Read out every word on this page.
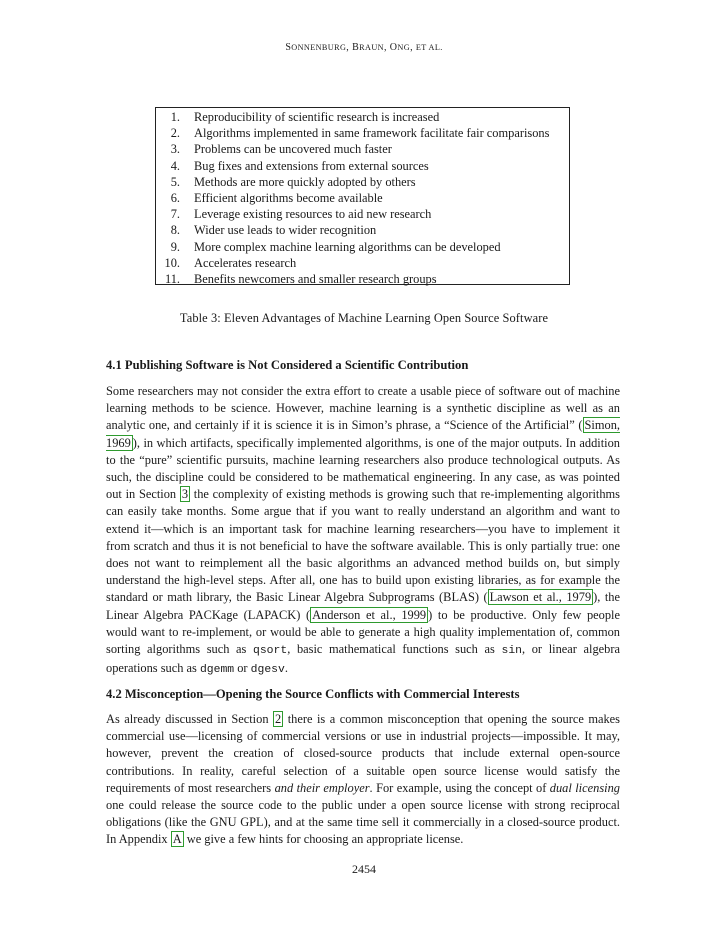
SONNENBURG, BRAUN, ONG, ET AL.
1. Reproducibility of scientific research is increased
2. Algorithms implemented in same framework facilitate fair comparisons
3. Problems can be uncovered much faster
4. Bug fixes and extensions from external sources
5. Methods are more quickly adopted by others
6. Efficient algorithms become available
7. Leverage existing resources to aid new research
8. Wider use leads to wider recognition
9. More complex machine learning algorithms can be developed
10. Accelerates research
11. Benefits newcomers and smaller research groups
Table 3: Eleven Advantages of Machine Learning Open Source Software
4.1 Publishing Software is Not Considered a Scientific Contribution
Some researchers may not consider the extra effort to create a usable piece of software out of machine learning methods to be science. However, machine learning is a synthetic discipline as well as an analytic one, and certainly if it is science it is in Simon’s phrase, a “Science of the Artificial” ( Simon, 1969 ), in which artifacts, specifically implemented algorithms, is one of the major outputs. In addition to the “pure” scientific pursuits, machine learning researchers also produce technological outputs. As such, the discipline could be considered to be mathematical engineering. In any case, as was pointed out in Section 3 the complexity of existing methods is growing such that re-implementing algorithms can easily take months. Some argue that if you want to really understand an algorithm and want to extend it—which is an important task for machine learning researchers—you have to implement it from scratch and thus it is not beneficial to have the software available. This is only partially true: one does not want to reimplement all the basic algorithms an advanced method builds on, but simply understand the high-level steps. After all, one has to build upon existing libraries, as for example the standard or math library, the Basic Linear Algebra Subprograms (BLAS) ( Lawson et al., 1979 ), the Linear Algebra PACKage (LAPACK) ( Anderson et al., 1999 ) to be productive. Only few people would want to re-implement, or would be able to generate a high quality implementation of, common sorting algorithms such as qsort, basic mathematical functions such as sin, or linear algebra operations such as dgemm or dgesv.
4.2 Misconception—Opening the Source Conflicts with Commercial Interests
As already discussed in Section 2 there is a common misconception that opening the source makes commercial use—licensing of commercial versions or use in industrial projects—impossible. It may, however, prevent the creation of closed-source products that include external open-source contributions. In reality, careful selection of a suitable open source license would satisfy the requirements of most researchers and their employer. For example, using the concept of dual licensing one could release the source code to the public under a open source license with strong reciprocal obligations (like the GNU GPL), and at the same time sell it commercially in a closed-source product. In Appendix A we give a few hints for choosing an appropriate license.
2454
